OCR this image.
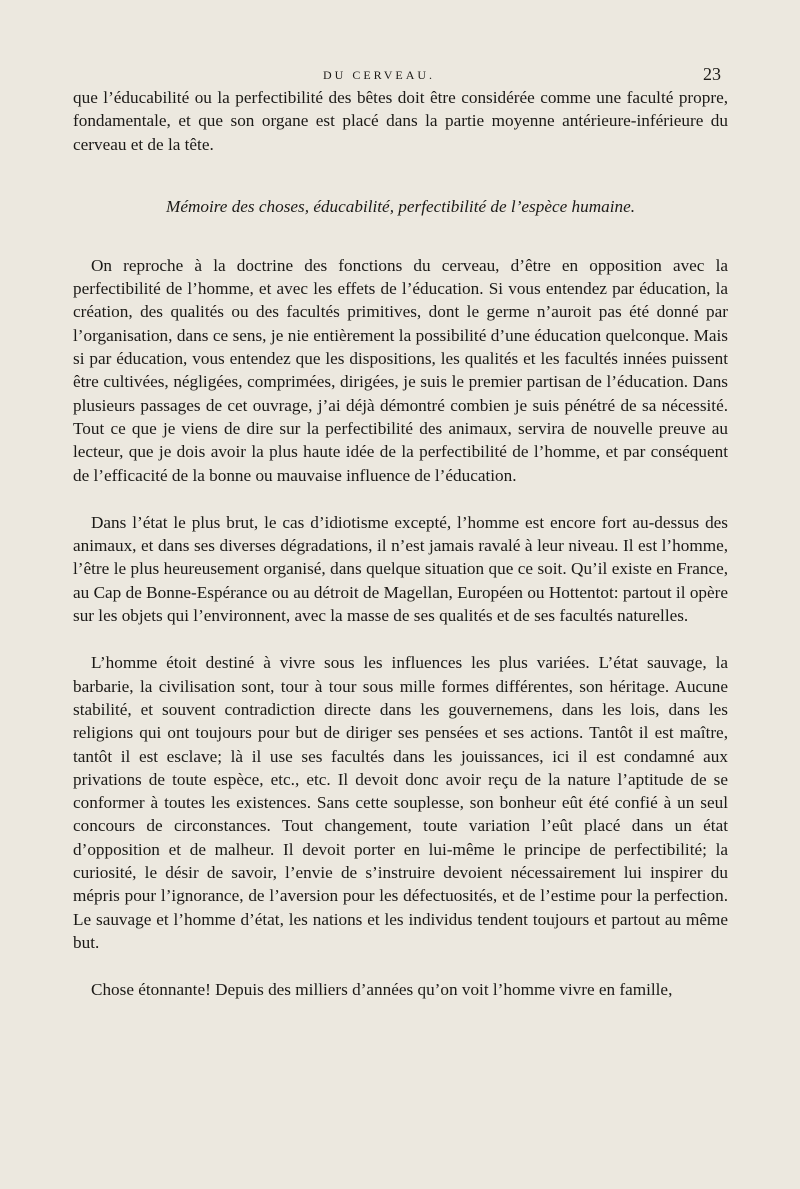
DU CERVEAU.	23

que l’éducabilité ou la perfectibilité des bêtes doit être considérée comme une faculté propre, fondamentale, et que son organe est placé dans la partie moyenne antérieure-inférieure du cerveau et de la tête.

Mémoire des choses, éducabilité, perfectibilité de l’espèce humaine.

On reproche à la doctrine des fonctions du cerveau, d’être en opposition avec la perfectibilité de l’homme, et avec les effets de l’éducation. Si vous entendez par éducation, la création, des qualités ou des facultés primitives, dont le germe n’auroit pas été donné par l’organisation, dans ce sens, je nie entièrement la possibilité d’une éducation quelconque. Mais si par éducation, vous entendez que les dispositions, les qualités et les facultés innées puissent être cultivées, négligées, comprimées, dirigées, je suis le premier partisan de l’éducation. Dans plusieurs passages de cet ouvrage, j’ai déjà démontré combien je suis pénétré de sa nécessité. Tout ce que je viens de dire sur la perfectibilité des animaux, servira de nouvelle preuve au lecteur, que je dois avoir la plus haute idée de la perfectibilité de l’homme, et par conséquent de l’efficacité de la bonne ou mauvaise influence de l’éducation.

Dans l’état le plus brut, le cas d’idiotisme excepté, l’homme est encore fort au-dessus des animaux, et dans ses diverses dégradations, il n’est jamais ravalé à leur niveau. Il est l’homme, l’être le plus heureusement organisé, dans quelque situation que ce soit. Qu’il existe en France, au Cap de Bonne-Espérance ou au détroit de Magellan, Européen ou Hottentot: partout il opère sur les objets qui l’environnent, avec la masse de ses qualités et de ses facultés naturelles.

L’homme étoit destiné à vivre sous les influences les plus variées. L’état sauvage, la barbarie, la civilisation sont, tour à tour sous mille formes différentes, son héritage. Aucune stabilité, et souvent contradiction directe dans les gouvernemens, dans les lois, dans les religions qui ont toujours pour but de diriger ses pensées et ses actions. Tantôt il est maître, tantôt il est esclave; là il use ses facultés dans les jouissances, ici il est condamné aux privations de toute espèce, etc., etc. Il devoit donc avoir reçu de la nature l’aptitude de se conformer à toutes les existences. Sans cette souplesse, son bonheur eût été confié à un seul concours de circonstances. Tout changement, toute variation l’eût placé dans un état d’opposition et de malheur. Il devoit porter en lui-même le principe de perfectibilité; la curiosité, le désir de savoir, l’envie de s’instruire devoient nécessairement lui inspirer du mépris pour l’ignorance, de l’aversion pour les défectuosités, et de l’estime pour la perfection. Le sauvage et l’homme d’état, les nations et les individus tendent toujours et partout au même but.

Chose étonnante! Depuis des milliers d’années qu’on voit l’homme vivre en famille,
